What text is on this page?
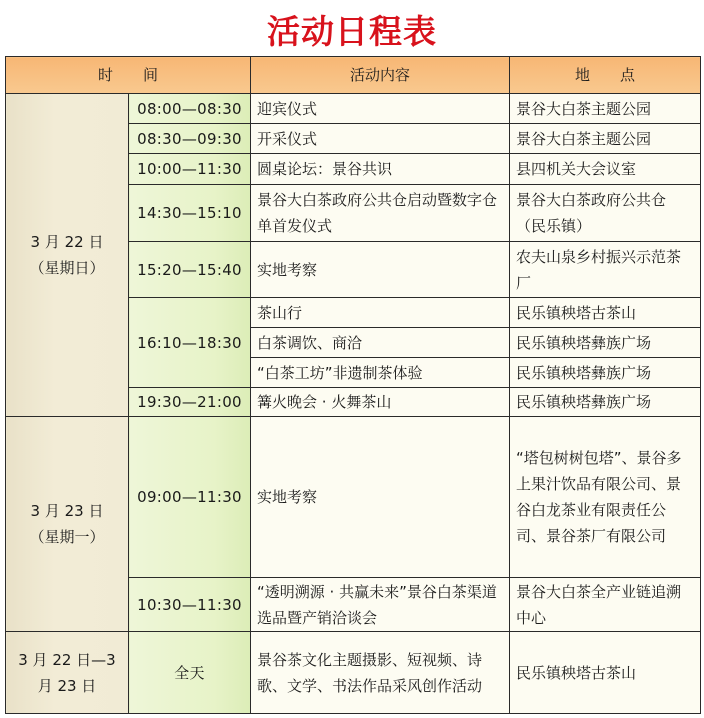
活动日程表
时　　间		活动内容	地　　点

3 月 22 日
（星期日）	08:00—08:30	迎宾仪式	景谷大白茶主题公园
	08:30—09:30	开采仪式	景谷大白茶主题公园
	10:00—11:30	圆桌论坛：景谷共识	县四机关大会议室
	14:30—15:10	景谷大白茶政府公共仓启动暨数字仓单首发仪式	景谷大白茶政府公共仓（民乐镇）
	15:20—15:40	实地考察	农夫山泉乡村振兴示范茶厂
	16:10—18:30	茶山行	民乐镇秧塔古茶山
		白茶调饮、商洽	民乐镇秧塔彝族广场
		“白茶工坊”非遗制茶体验	民乐镇秧塔彝族广场
	19:30—21:00	篝火晚会 · 火舞茶山	民乐镇秧塔彝族广场

3 月 23 日
（星期一）	09:00—11:30	实地考察	“塔包树树包塔”、景谷多上果汁饮品有限公司、景谷白龙茶业有限责任公司、景谷茶厂有限公司
	10:30—11:30	“透明溯源 · 共赢未来”景谷白茶渠道选品暨产销洽谈会	景谷大白茶全产业链追溯中心
3 月 22 日—3 月 23 日	全天	景谷茶文化主题摄影、短视频、诗歌、文学、书法作品采风创作活动	民乐镇秧塔古茶山
